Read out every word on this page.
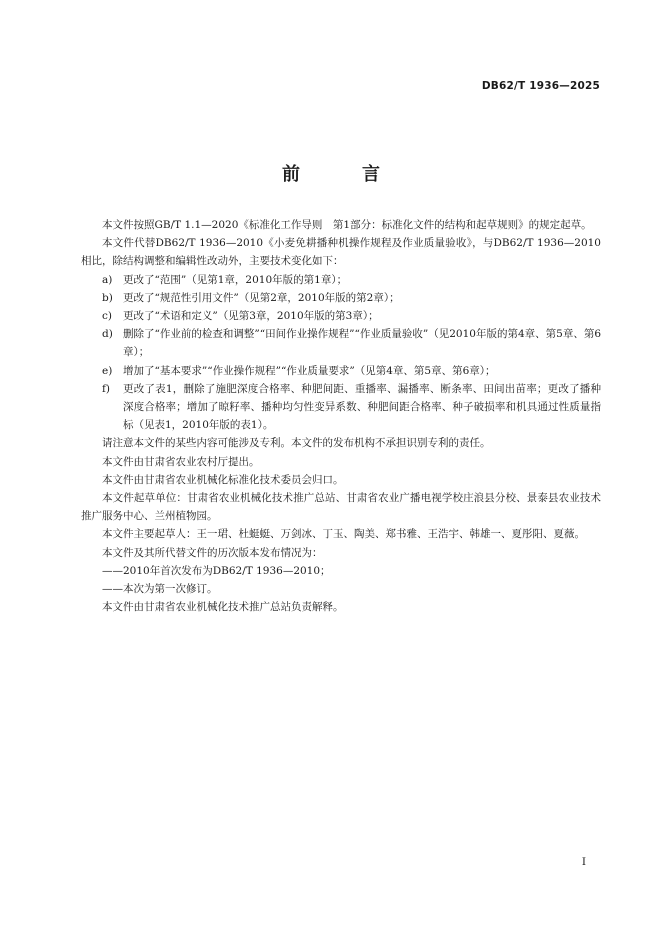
DB62/T 1936—2025
前　言

本文件按照GB/T 1.1—2020《标准化工作导则　第1部分：标准化文件的结构和起草规则》的规定起草。

本文件代替DB62/T 1936—2010《小麦免耕播种机操作规程及作业质量验收》，与DB62/T 1936—2010相比，除结构调整和编辑性改动外，主要技术变化如下：

a)	更改了“范围”（见第1章，2010年版的第1章）；
b) 更改了“规范性引用文件”（见第2章，2010年版的第2章）；
c)	更改了“术语和定义”（见第3章，2010年版的第3章）；
d) 删除了“作业前的检查和调整”“田间作业操作规程”“作业质量验收”（见2010年版的第4章、第5章、第6章）；
e)	增加了“基本要求”“作业操作规程”“作业质量要求”（见第4章、第5章、第6章）；
f)	更改了表1，删除了施肥深度合格率、种肥间距、重播率、漏播率、断条率、田间出苗率；更改了播种深度合格率；增加了晾籽率、播种均匀性变异系数、种肥间距合格率、种子破损率和机具通过性质量指标（见表1，2010年版的表1）。

请注意本文件的某些内容可能涉及专利。本文件的发布机构不承担识别专利的责任。

本文件由甘肃省农业农村厅提出。

本文件由甘肃省农业机械化标准化技术委员会归口。

本文件起草单位：甘肃省农业机械化技术推广总站、甘肃省农业广播电视学校庄浪县分校、景泰县农业技术推广服务中心、兰州植物园。

本文件主要起草人：王一珺、杜蜓蜓、万剑冰、丁玉、陶美、郑书雅、王浩宇、韩雄一、夏彤阳、夏薇。

本文件及其所代替文件的历次版本发布情况为：

——2010年首次发布为DB62/T 1936—2010；

——本次为第一次修订。

本文件由甘肃省农业机械化技术推广总站负责解释。

I
